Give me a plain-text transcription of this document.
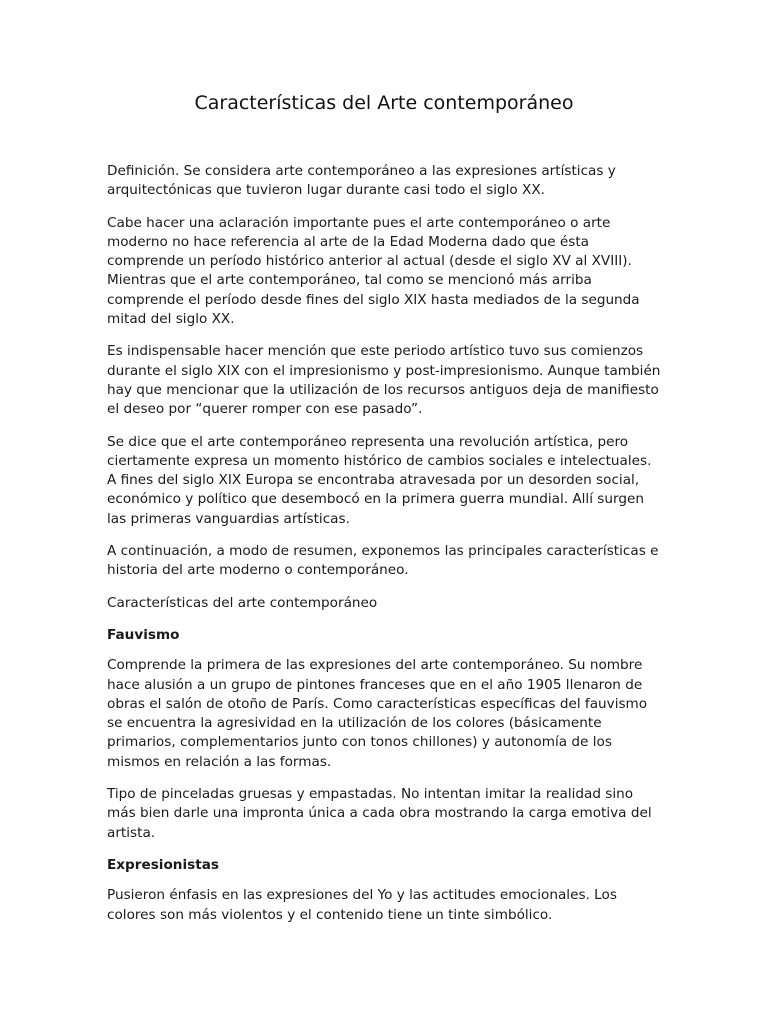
Características del Arte contemporáneo

Definición. Se considera arte contemporáneo a las expresiones artísticas y arquitectónicas que tuvieron lugar durante casi todo el siglo XX.

Cabe hacer una aclaración importante pues el arte contemporáneo o arte moderno no hace referencia al arte de la Edad Moderna dado que ésta comprende un período histórico anterior al actual (desde el siglo XV al XVIII). Mientras que el arte contemporáneo, tal como se mencionó más arriba comprende el período desde fines del siglo XIX hasta mediados de la segunda mitad del siglo XX.

Es indispensable hacer mención que este periodo artístico tuvo sus comienzos durante el siglo XIX con el impresionismo y post-impresionismo. Aunque también hay que mencionar que la utilización de los recursos antiguos deja de manifiesto el deseo por “querer romper con ese pasado”.

Se dice que el arte contemporáneo representa una revolución artística, pero ciertamente expresa un momento histórico de cambios sociales e intelectuales. A fines del siglo XIX Europa se encontraba atravesada por un desorden social, económico y político que desembocó en la primera guerra mundial. Allí surgen las primeras vanguardias artísticas.

A continuación, a modo de resumen, exponemos las principales características e historia del arte moderno o contemporáneo.

Características del arte contemporáneo

Fauvismo

Comprende la primera de las expresiones del arte contemporáneo. Su nombre hace alusión a un grupo de pintones franceses que en el año 1905 llenaron de obras el salón de otoño de París. Como características específicas del fauvismo se encuentra la agresividad en la utilización de los colores (básicamente primarios, complementarios junto con tonos chillones) y autonomía de los mismos en relación a las formas.

Tipo de pinceladas gruesas y empastadas. No intentan imitar la realidad sino más bien darle una impronta única a cada obra mostrando la carga emotiva del artista.

Expresionistas

Pusieron énfasis en las expresiones del Yo y las actitudes emocionales. Los colores son más violentos y el contenido tiene un tinte simbólico.
